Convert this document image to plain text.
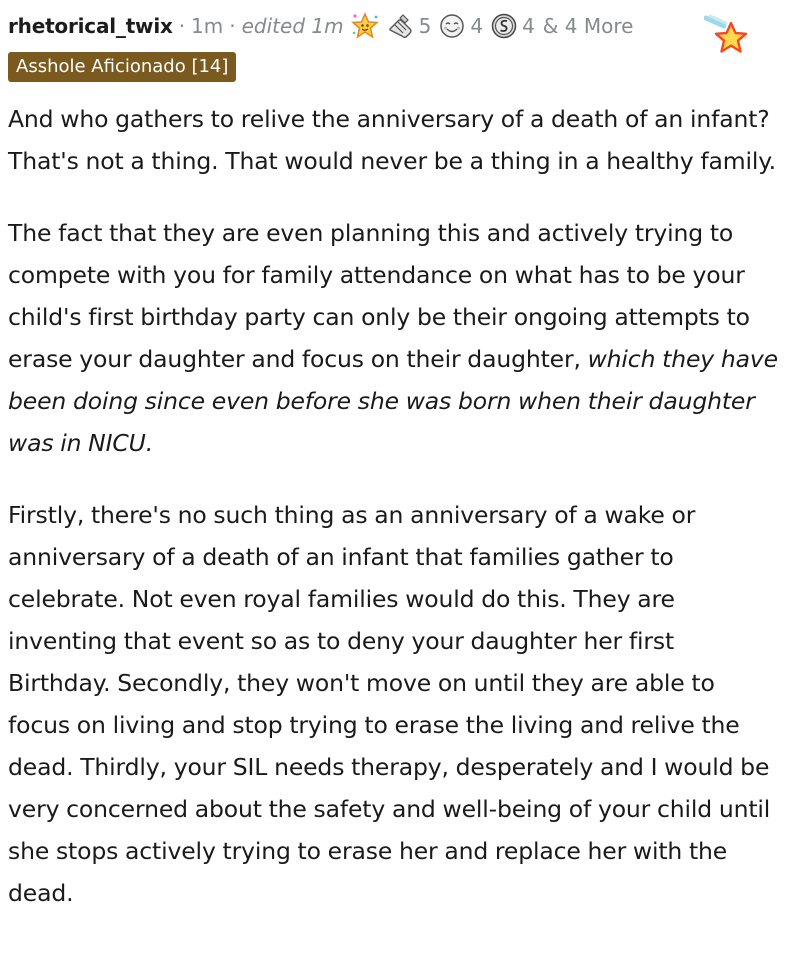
rhetorical_twix · 1m · edited 1m	5 4 4 & 4 More
Asshole Aficionado [14]

And who gathers to relive the anniversary of a death of an infant? That's not a thing. That would never be a thing in a healthy family.

The fact that they are even planning this and actively trying to compete with you for family attendance on what has to be your child's first birthday party can only be their ongoing attempts to erase your daughter and focus on their daughter, which they have been doing since even before she was born when their daughter was in NICU.

Firstly, there's no such thing as an anniversary of a wake or anniversary of a death of an infant that families gather to celebrate. Not even royal families would do this. They are inventing that event so as to deny your daughter her first Birthday. Secondly, they won't move on until they are able to focus on living and stop trying to erase the living and relive the dead. Thirdly, your SIL needs therapy, desperately and I would be very concerned about the safety and well-being of your child until she stops actively trying to erase her and replace her with the dead.
